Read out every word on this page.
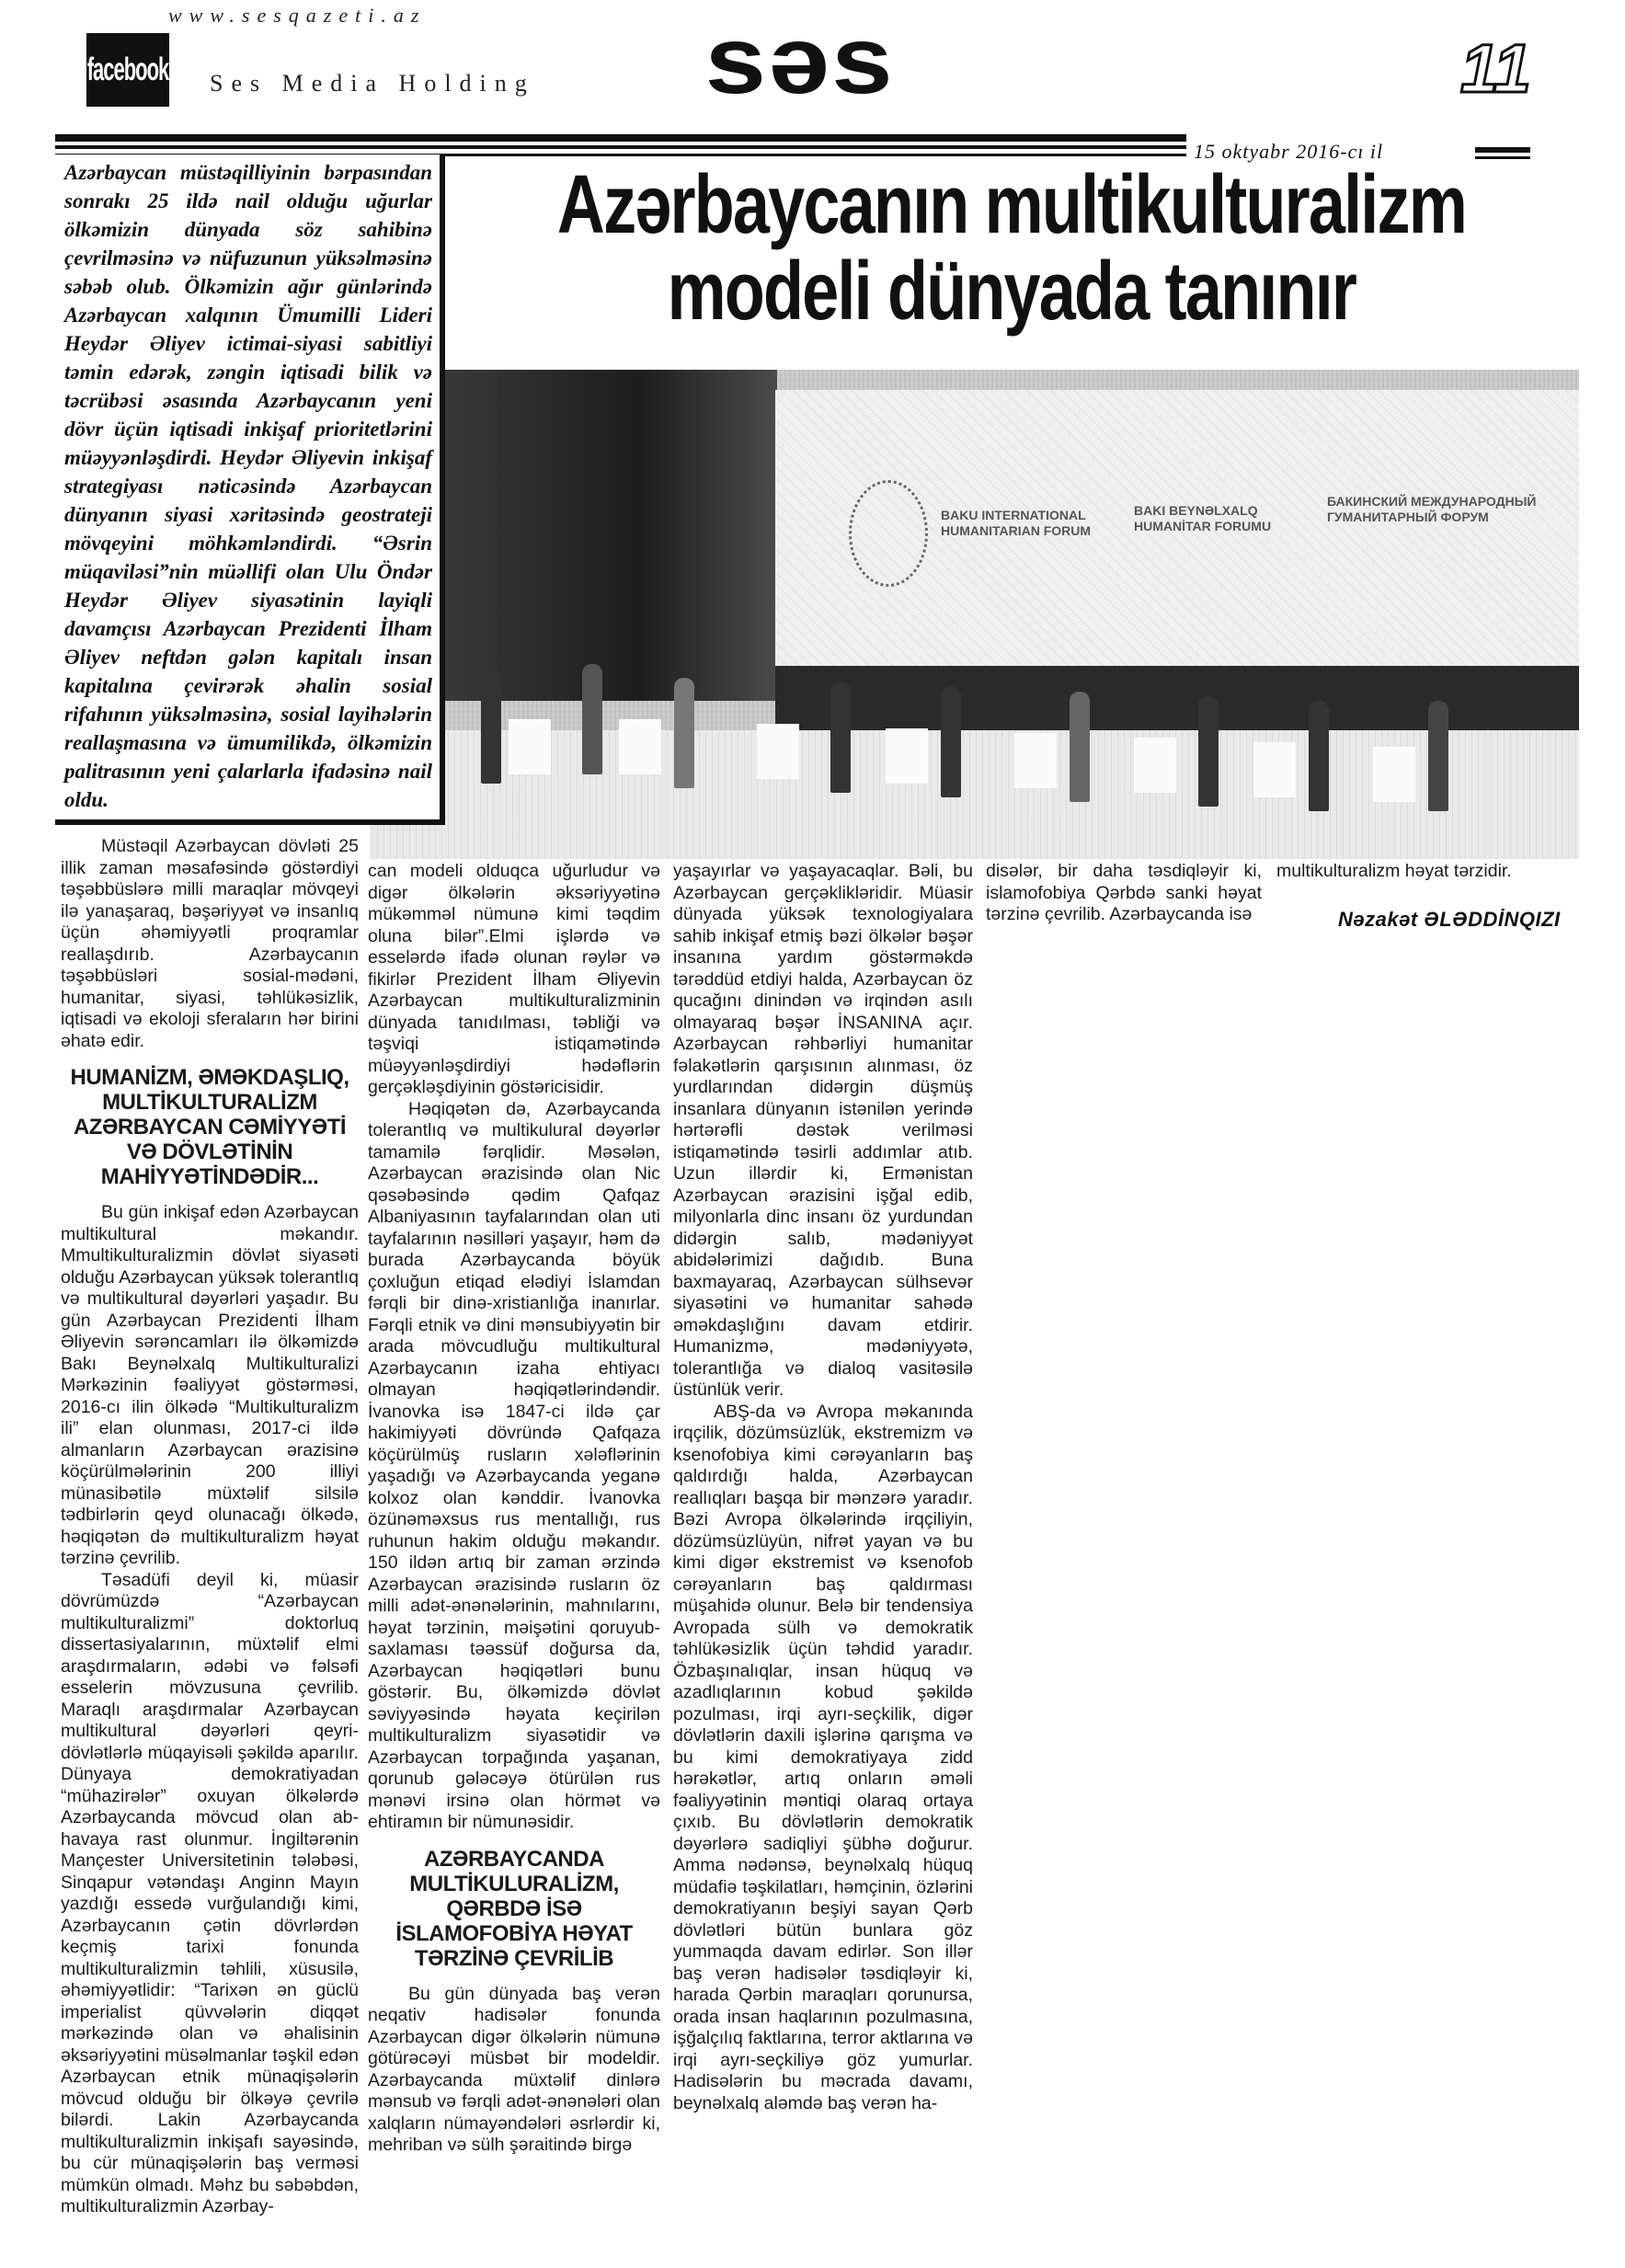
www.sesqazeti.az
facebook Ses Media Holding səs	11
15 oktyabr 2016-cı il
Azərbaycanın multikulturalizm
modeli dünyada tanınır
BAKU INTERNATIONAL HUMANITARIAN FORUM
BAKI BEYNƏLXALQ HUMANİTAR FORUMU
БАКИНСКИЙ МЕЖДУНАРОДНЫЙ ГУМАНИТАРНЫЙ ФОРУМ
Azərbaycan müstəqilliyinin bərpasından sonrakı 25 ildə nail olduğu uğurlar ölkəmizin dünyada söz sahibinə çevrilməsinə və nüfuzunun yüksəlməsinə səbəb olub. Ölkəmizin ağır günlərində Azərbaycan xalqının Ümumilli Lideri Heydər Əliyev ictimai-siyasi sabitliyi təmin edərək, zəngin iqtisadi bilik və təcrübəsi əsasında Azərbaycanın yeni dövr üçün iqtisadi inkişaf prioritetlərini müəyyənləşdirdi. Heydər Əliyevin inkişaf strategiyası nəticəsində Azərbaycan dünyanın siyasi xəritəsində geostrateji mövqeyini möhkəmləndirdi. “Əsrin müqaviləsi”nin müəllifi olan Ulu Öndər Heydər Əliyev siyasətinin layiqli davamçısı Azərbaycan Prezidenti İlham Əliyev neftdən gələn kapitalı insan kapitalına çevirərək əhalin sosial rifahının yüksəlməsinə, sosial layihələrin reallaşmasına və ümumilikdə, ölkəmizin palitrasının yeni çalarlarla ifadəsinə nail oldu.

Müstəqil Azərbaycan dövləti 25 illik zaman məsafəsində göstərdiyi təşəbbüslərə milli maraqlar mövqeyi ilə yanaşaraq, bəşəriyyət və insanlıq üçün əhəmiyyətli proqramlar reallaşdırıb. Azərbaycanın təşəbbüsləri sosial-mədəni, humanitar, siyasi, təhlükəsizlik, iqtisadi və ekoloji sferaların hər birini əhatə edir.

HUMANİZM, ƏMƏKDAŞLIQ, MULTİKULTURALİZM AZƏRBAYCAN CƏMİYYƏTİ VƏ DÖVLƏTİNİN MAHİYYƏTİNDƏDİR...

Bu gün inkişaf edən Azərbaycan multikultural məkandır. Mmultikulturalizmin dövlət siyasəti olduğu Azərbaycan yüksək tolerantlıq və multikultural dəyərləri yaşadır. Bu gün Azərbaycan Prezidenti İlham Əliyevin sərəncamları ilə ölkəmizdə Bakı Beynəlxalq Multikulturalizi Mərkəzinin fəaliyyət göstərməsi, 2016-cı ilin ölkədə “Multikulturalizm ili” elan olunması, 2017-ci ildə almanların Azərbaycan ərazisinə köçürülmələrinin 200 illiyi münasibətilə müxtəlif silsilə tədbirlərin qeyd olunacağı ölkədə, həqiqətən də multikulturalizm həyat tərzinə çevrilib.

Təsadüfi deyil ki, müasir dövrümüzdə “Azərbaycan multikulturalizmi” doktorluq dissertasiyalarının, müxtəlif elmi araşdırmaların, ədəbi və fəlsəfi esselerin mövzusuna çevrilib. Maraqlı araşdırmalar Azərbaycan multikultural dəyərləri qeyri- dövlətlərlə müqayisəli şəkildə aparılır. Dünyaya demokratiyadan “mühazirələr” oxuyan ölkələrdə Azərbaycanda mövcud olan ab-havaya rast olunmur. İngiltərənin Mançester Universitetinin tələbəsi, Sinqapur vətəndaşı Anginn Mayın yazdığı essedə vurğulandığı kimi, Azərbaycanın çətin dövrlərdən keçmiş tarixi fonunda multikulturalizmin təhlili, xüsusilə, əhəmiyyətlidir: “Tarixən ən güclü imperialist qüvvələrin diqqət mərkəzində olan və əhalisinin əksəriyyətini müsəlmanlar təşkil edən Azərbaycan etnik münaqişələrin mövcud olduğu bir ölkəyə çevrilə bilərdi. Lakin Azərbaycanda multikulturalizmin inkişafı sayəsində, bu cür münaqişələrin baş verməsi mümkün olmadı. Məhz bu səbəbdən, multikulturalizmin Azərbay-

can modeli olduqca uğurludur və digər ölkələrin əksəriyyətinə mükəmməl nümunə kimi təqdim oluna bilər”.Elmi işlərdə və esselərdə ifadə olunan rəylər və fikirlər Prezident İlham Əliyevin Azərbaycan multikulturalizminin dünyada tanıdılması, təbliği və təşviqi istiqamətində müəyyənləşdirdiyi hədəflərin gerçəkləşdiyinin göstəricisidir.

Həqiqətən də, Azərbaycanda tolerantlıq və multikulural dəyərlər tamamilə fərqlidir. Məsələn, Azərbaycan ərazisində olan Nic qəsəbəsində qədim Qafqaz Albaniyasının tayfalarından olan uti tayfalarının nəsilləri yaşayır, həm də burada Azərbaycanda böyük çoxluğun etiqad elədiyi İslamdan fərqli bir dinə-xristianlığa inanırlar. Fərqli etnik və dini mənsubiyyətin bir arada mövcudluğu multikultural Azərbaycanın izaha ehtiyacı olmayan həqiqətlərindəndir. İvanovka isə 1847-ci ildə çar hakimiyyəti dövründə Qafqaza köçürülmüş rusların xələflərinin yaşadığı və Azərbaycanda yeganə kolxoz olan kənddir. İvanovka özünəməxsus rus mentallığı, rus ruhunun hakim olduğu məkandır. 150 ildən artıq bir zaman ərzində Azərbaycan ərazisində rusların öz milli adət-ənənələrinin, mahnılarını, həyat tərzinin, məişətini qoruyub-saxlaması təəssüf doğursa da, Azərbaycan həqiqətləri bunu göstərir. Bu, ölkəmizdə dövlət səviyyəsində həyata keçirilən multikulturalizm siyasətidir və Azərbaycan torpağında yaşanan, qorunub gələcəyə ötürülən rus mənəvi irsinə olan hörmət və ehtiramın bir nümunəsidir.

AZƏRBAYCANDA MULTİKULURALİZM, QƏRBDƏ İSƏ İSLAMOFOBİYA HƏYAT TƏRZİNƏ ÇEVRİLİB

Bu gün dünyada baş verən neqativ hadisələr fonunda Azərbaycan digər ölkələrin nümunə götürəcəyi müsbət bir modeldir. Azərbaycanda müxtəlif dinlərə mənsub və fərqli adət-ənənələri olan xalqların nümayəndələri əsrlərdir ki, mehriban və sülh şəraitində birgə

yaşayırlar və yaşayacaqlar. Bəli, bu Azərbaycan gerçəklikləridir. Müasir dünyada yüksək texnologiyalara sahib inkişaf etmiş bəzi ölkələr bəşər insanına yardım göstərməkdə tərəddüd etdiyi halda, Azərbaycan öz qucağını dinindən və irqindən asılı olmayaraq bəşər İNSANINA açır. Azərbaycan rəhbərliyi humanitar fəlakətlərin qarşısının alınması, öz yurdlarından didərgin düşmüş insanlara dünyanın istənilən yerində hərtərəfli dəstək verilməsi istiqamətində təsirli addımlar atıb. Uzun illərdir ki, Ermənistan Azərbaycan ərazisini işğal edib, milyonlarla dinc insanı öz yurdundan didərgin salıb, mədəniyyət abidələrimizi dağıdıb. Buna baxmayaraq, Azərbaycan sülhsevər siyasətini və humanitar sahədə əməkdaşlığını davam etdirir. Humanizmə, mədəniyyətə, tolerantlığa və dialoq vasitəsilə üstünlük verir.

ABŞ-da və Avropa məkanında irqçilik, dözümsüzlük, ekstremizm və ksenofobiya kimi cərəyanların baş qaldırdığı halda, Azərbaycan reallıqları başqa bir mənzərə yaradır. Bəzi Avropa ölkələrində irqçiliyin, dözümsüzlüyün, nifrət yayan və bu kimi digər ekstremist və ksenofob cərəyanların baş qaldırması müşahidə olunur. Belə bir tendensiya Avropada sülh və demokratik təhlükəsizlik üçün təhdid yaradır. Özbaşınalıqlar, insan hüquq və azadlıqlarının kobud şəkildə pozulması, irqi ayrı-seçkilik, digər dövlətlərin daxili işlərinə qarışma və bu kimi demokratiyaya zidd hərəkətlər, artıq onların əməli fəaliyyətinin məntiqi olaraq ortaya çıxıb. Bu dövlətlərin demokratik dəyərlərə sadiqliyi şübhə doğurur. Amma nədənsə, beynəlxalq hüquq müdafiə təşkilatları, həmçinin, özlərini demokratiyanın beşiyi sayan Qərb dövlətləri bütün bunlara göz yummaqda davam edirlər. Son illər baş verən hadisələr təsdiqləyir ki, harada Qərbin maraqları qorunursa, orada insan haqlarının pozulmasına, işğalçılıq faktlarına, terror aktlarına və irqi ayrı-seçkiliyə göz yumurlar. Hadisələrin bu məcrada davamı, beynəlxalq aləmdə baş verən ha-

disələr, bir daha təsdiqləyir ki, islamofobiya Qərbdə sanki həyat tərzinə çevrilib. Azərbaycanda isə

multikulturalizm həyat tərzidir.

Nəzakət ƏLƏDDİNQIZI
